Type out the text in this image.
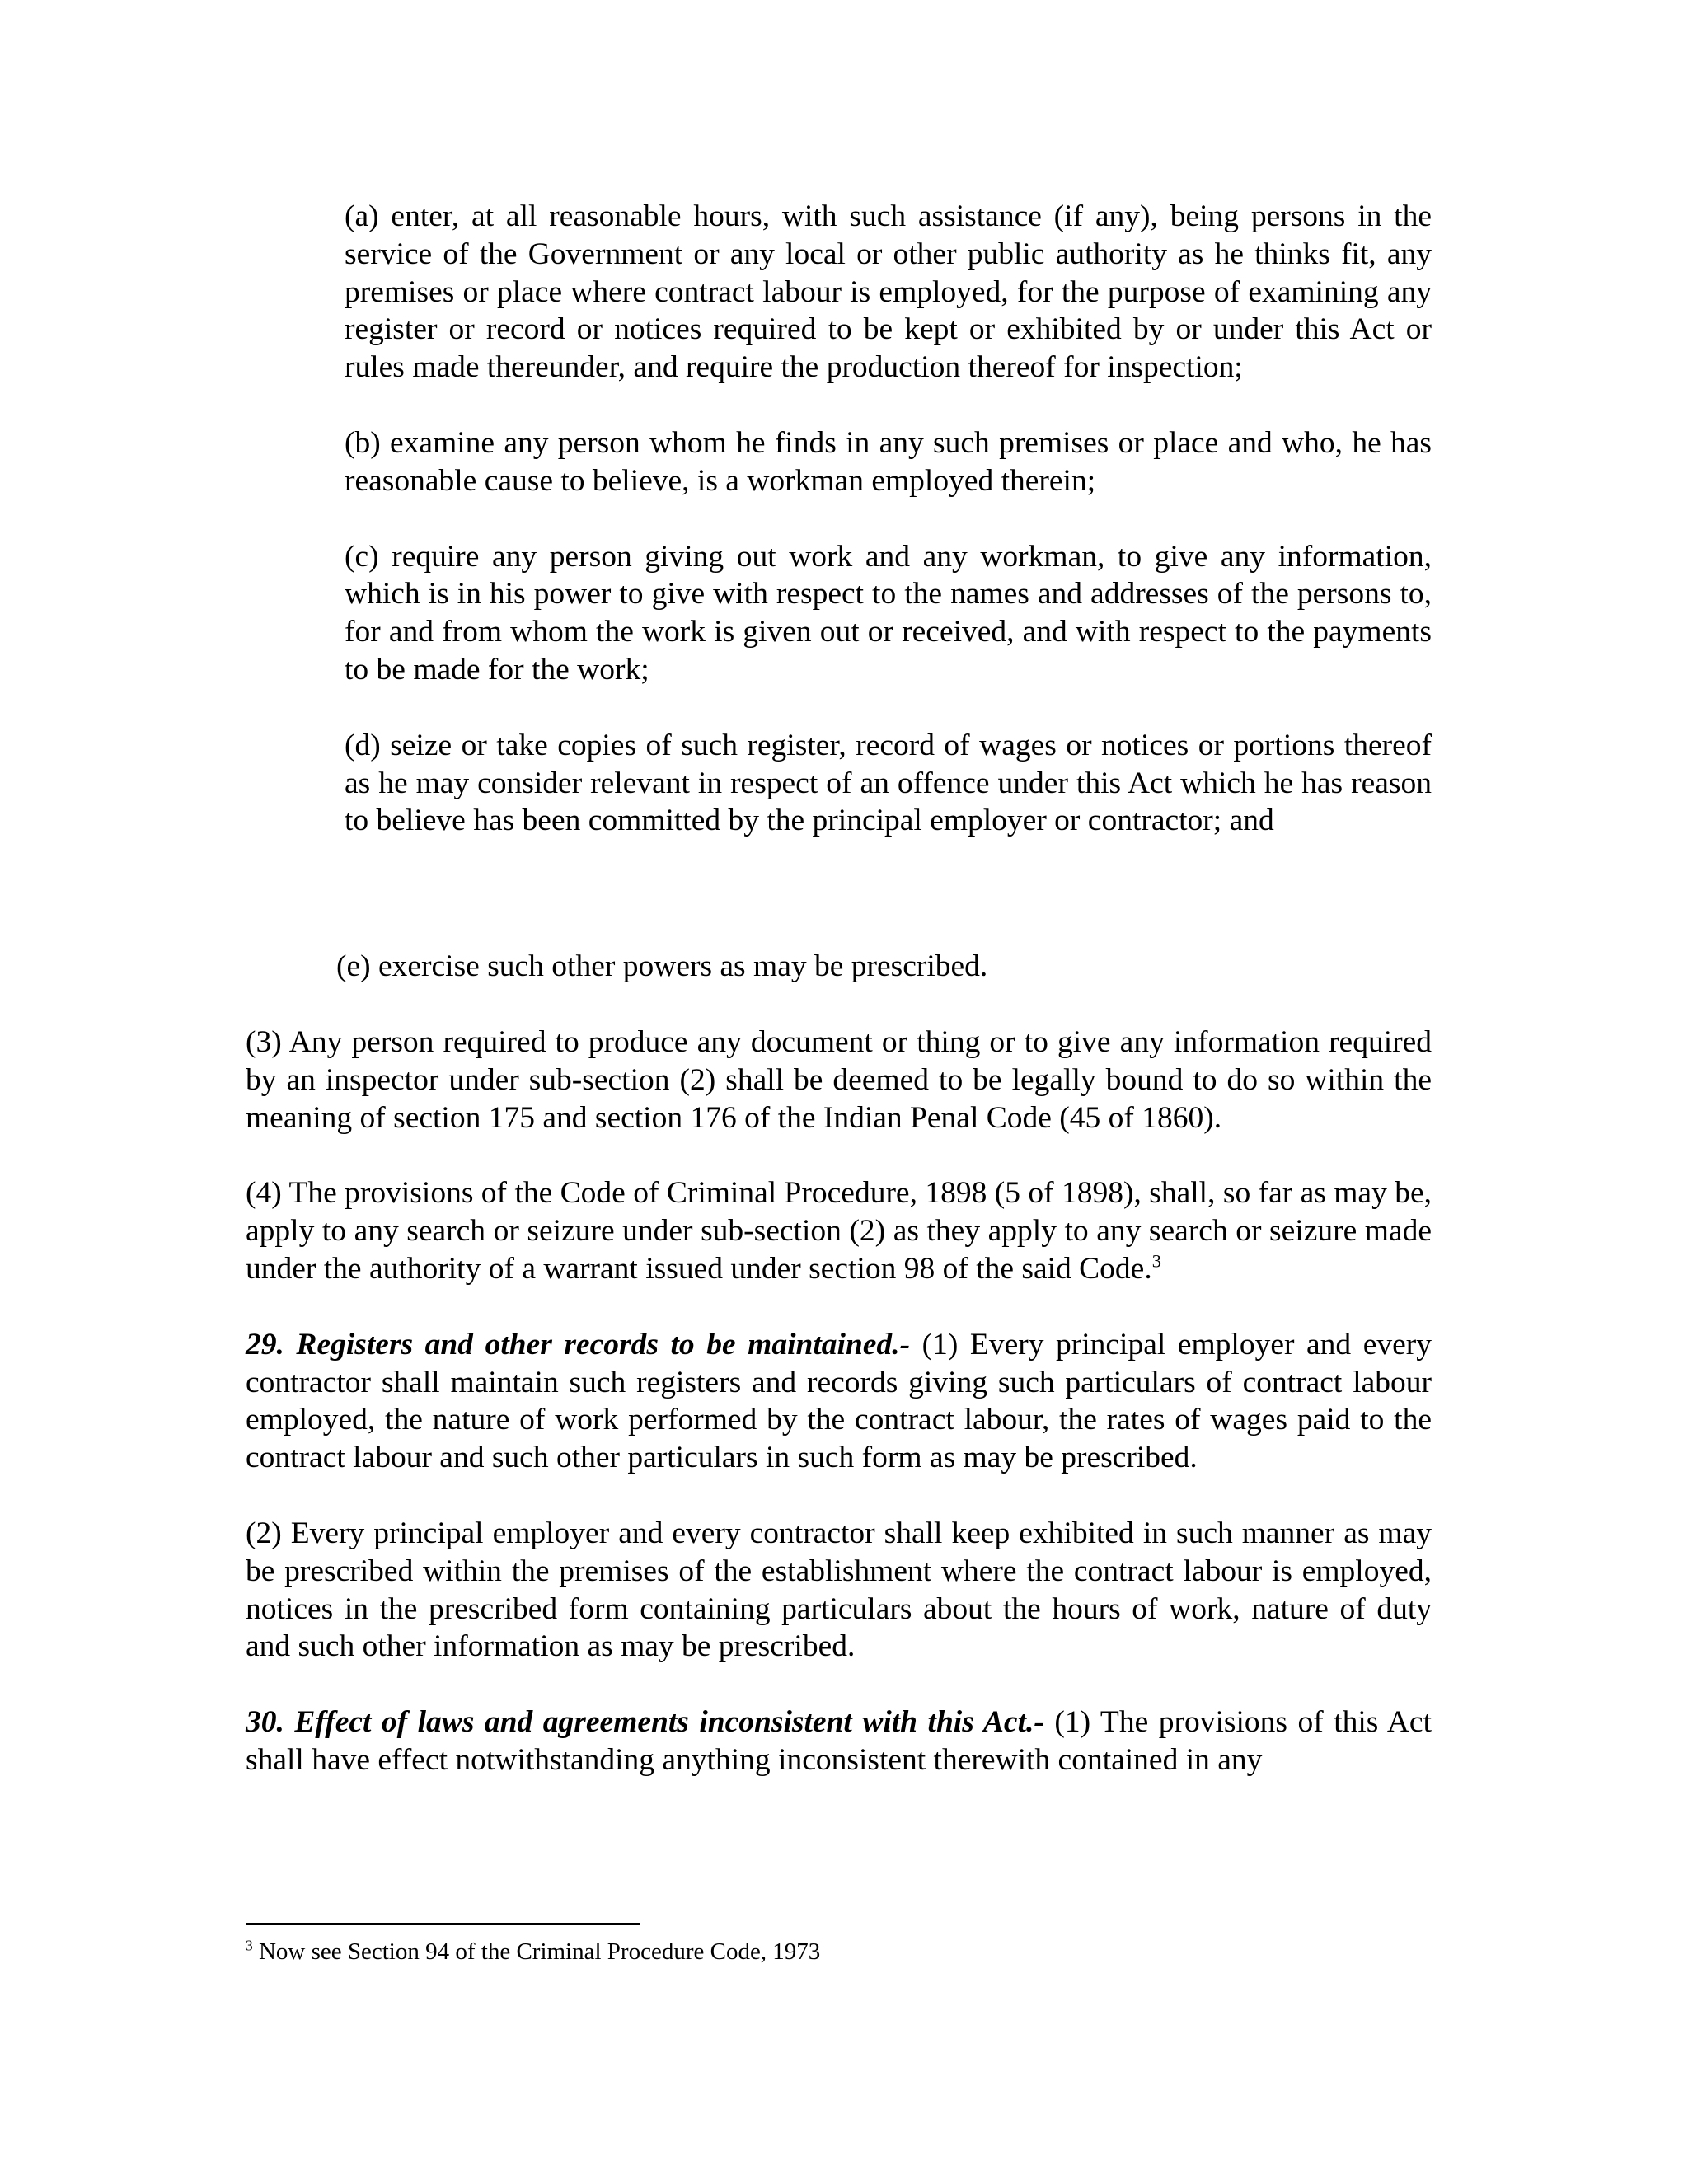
(a) enter, at all reasonable hours, with such assistance (if any), being persons in the service of the Government or any local or other public authority as he thinks fit, any premises or place where contract labour is employed, for the purpose of examining any register or record or notices required to be kept or exhibited by or under this Act or rules made thereunder, and require the production thereof for inspection;

(b) examine any person whom he finds in any such premises or place and who, he has reasonable cause to believe, is a workman employed therein;

(c) require any person giving out work and any workman, to give any information, which is in his power to give with respect to the names and addresses of the persons to, for and from whom the work is given out or received, and with respect to the payments to be made for the work;

(d) seize or take copies of such register, record of wages or notices or portions thereof as he may consider relevant in respect of an offence under this Act which he has reason to believe has been committed by the principal employer or contractor; and

(e) exercise such other powers as may be prescribed.

(3) Any person required to produce any document or thing or to give any information required by an inspector under sub-section (2) shall be deemed to be legally bound to do so within the meaning of section 175 and section 176 of the Indian Penal Code (45 of 1860).

(4) The provisions of the Code of Criminal Procedure, 1898 (5 of 1898), shall, so far as may be, apply to any search or seizure under sub-section (2) as they apply to any search or seizure made under the authority of a warrant issued under section 98 of the said Code.$^3$

29. Registers and other records to be maintained.- (1) Every principal employer and every contractor shall maintain such registers and records giving such particulars of contract labour employed, the nature of work performed by the contract labour, the rates of wages paid to the contract labour and such other particulars in such form as may be prescribed.

(2) Every principal employer and every contractor shall keep exhibited in such manner as may be prescribed within the premises of the establishment where the contract labour is employed, notices in the prescribed form containing particulars about the hours of work, nature of duty and such other information as may be prescribed.

30. Effect of laws and agreements inconsistent with this Act.- (1) The provisions of this Act shall have effect notwithstanding anything inconsistent therewith contained in any

$^3$ Now see Section 94 of the Criminal Procedure Code, 1973
